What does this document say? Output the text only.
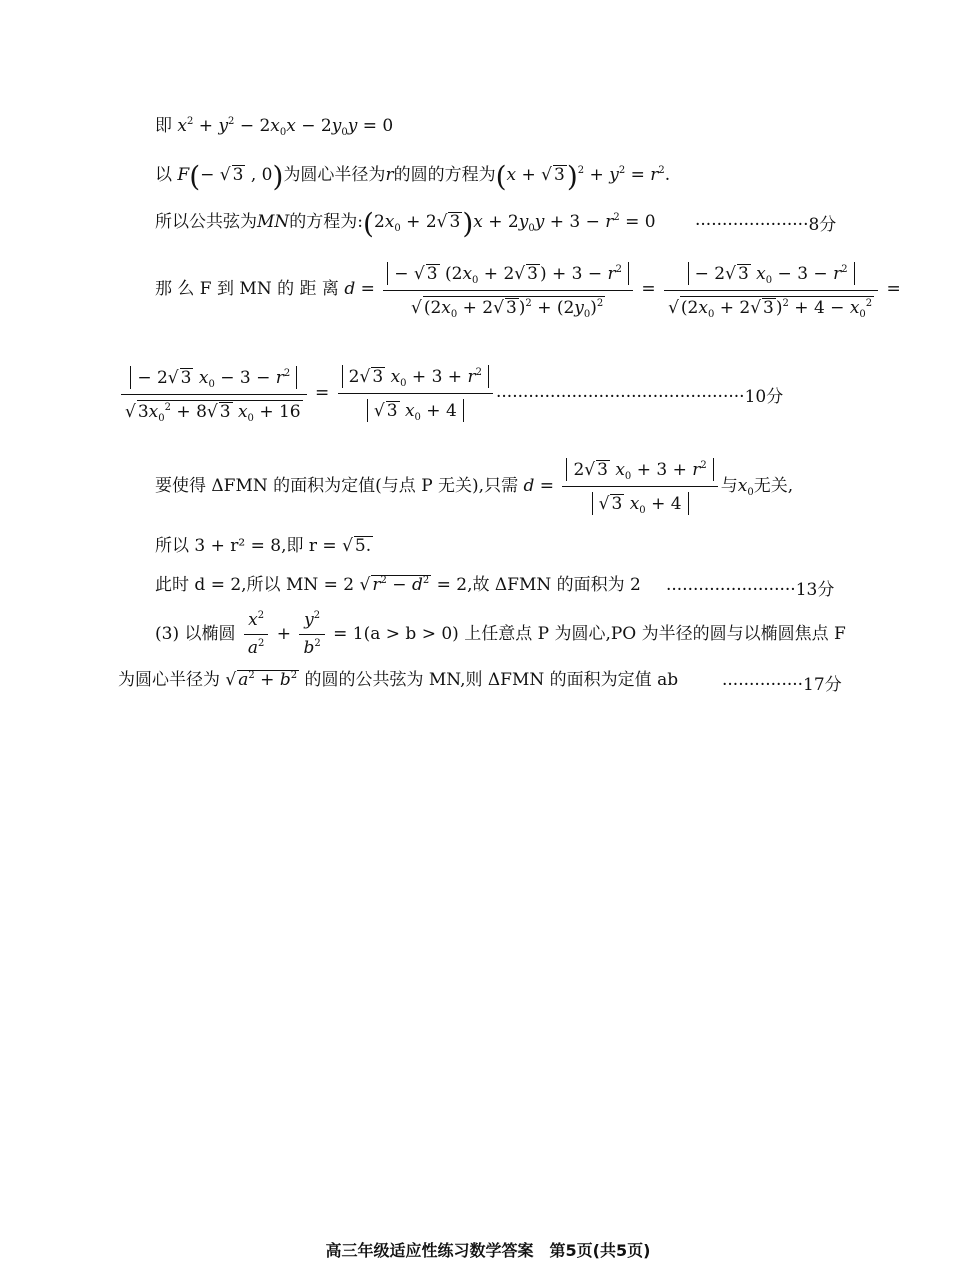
即 $x^2 + y^2 - 2x_0x - 2y_0y = 0$
以 F(− √ 3 , 0)为圆心半径为r的圆的方程为(x + √ $3)^2 + y^2 = r^2$.
所以公共弦为MN的方程为$:(2x_0 + 2√$ $3)x + 2y_0y + 3 - r^2 = 0 \cdot\cdot\cdot\cdot\cdot\cdot\cdot\cdot\cdot\cdot\cdot\cdot\cdot\cdot\cdot\cdot\cdot\cdot\cdot\cdot\cdot 8$分
那 么 F 到 MN 的 距 离 $d = \frac{- √ 3 (2x_0 + 2√ 3 ) + 3 - r^2}{√ (2x_0 + 2√ 3 )^2 + (2y_0)^2} = \frac{- 2√ 3 x_0 - 3 - r^2}{√ (2x_0 + 2√ 3 )^2 + 4 - x_0^2}$ =
$\frac{- 2√ 3 x_0 - 3 - r^2}{√ 3x_0^2 + 8√ 3 x_0 + 16} = \frac{2√ 3 x_0 + 3 + r^2}{√ 3 x_0 + 4} \cdot\cdot\cdot\cdot\cdot\cdot\cdot\cdot\cdot\cdot\cdot\cdot\cdot\cdot\cdot\cdot\cdot\cdot\cdot\cdot\cdot\cdot\cdot\cdot\cdot\cdot\cdot\cdot\cdot\cdot\cdot\cdot\cdot\cdot\cdot\cdot\cdot\cdot\cdot\cdot\cdot\cdot\cdot\cdot\cdot\cdot 10$分
要使得 ΔFMN 的面积为定值(与点 P 无关),只需 $d = \frac{2√ 3 x_0 + 3 + r^2}{√ 3 x_0 + 4}$ 与$x_0$无关,
所以 3 + r² = 8,即 r = √ 5.
此时 d = 2,所以 MN = 2 √ $r^2 - d^2 = 2$,故 ΔFMN 的面积为 2 ························13分
(3) 以椭圆 $\frac{x^2}{a^2} + \frac{y^2}{b^2} = 1(a > b > 0)$ 上任意点 P 为圆心,PO 为半径的圆与以椭圆焦点 F
为圆心半径为 √ $a^2 + b^2$ 的圆的公共弦为 MN,则 ΔFMN 的面积为定值 ab	···············17分
高三年级适应性练习数学答案　第5页(共5页)
